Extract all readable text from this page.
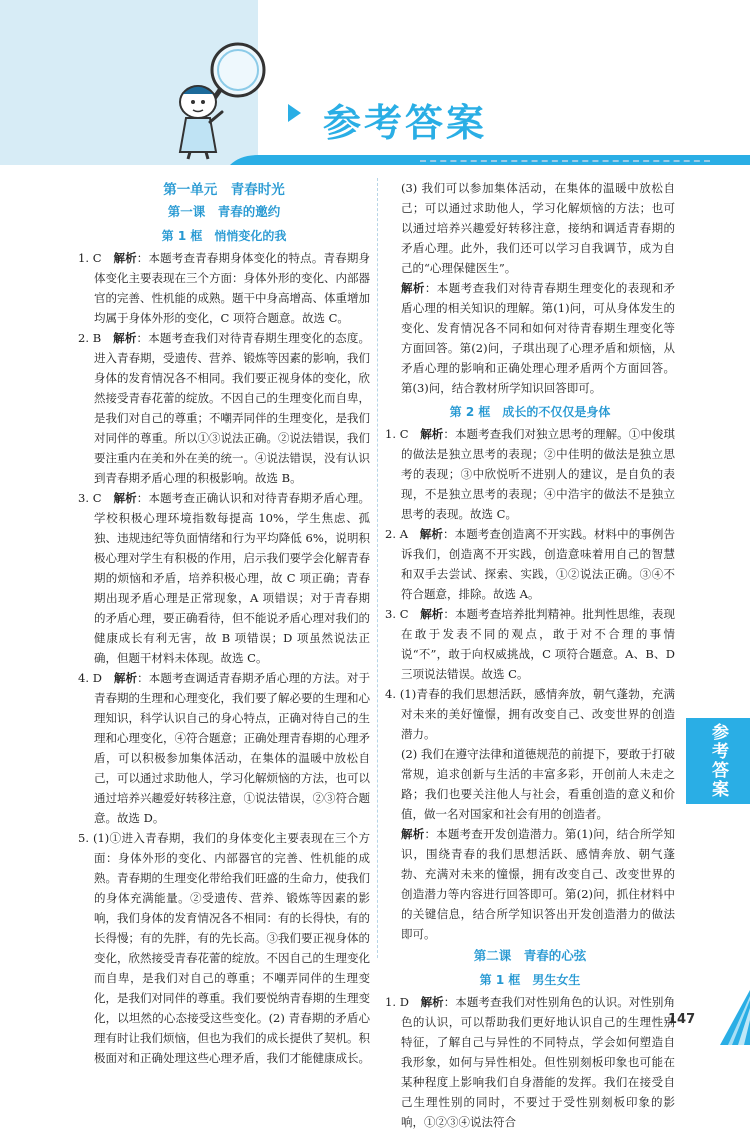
参考答案
第一单元　青春时光
第一课　青春的邀约
第 1 框　悄悄变化的我

1. C　 解析：本题考查青春期身体变化的特点。青春期身体变化主要表现在三个方面：身体外形的变化、内部器官的完善、性机能的成熟。题干中身高增高、体重增加均属于身体外形的变化，C 项符合题意。故选 C。

2. B　 解析：本题考查我们对待青春期生理变化的态度。进入青春期，受遗传、营养、锻炼等因素的影响，我们身体的发育情况各不相同。我们要正视身体的变化，欣然接受青春花蕾的绽放。不因自己的生理变化而自卑，是我们对自己的尊重；不嘲弄同伴的生理变化，是我们对同伴的尊重。所以①③说法正确。②说法错误，我们要注重内在美和外在美的统一。④说法错误，没有认识到青春期矛盾心理的积极影响。故选 B。

3. C　 解析：本题考查正确认识和对待青春期矛盾心理。学校积极心理环境指数每提高 10%，学生焦虑、孤独、违规违纪等负面情绪和行为平均降低 6%，说明积极心理对学生有积极的作用，启示我们要学会化解青春期的烦恼和矛盾，培养积极心理，故 C 项正确；青春期出现矛盾心理是正常现象，A 项错误；对于青春期的矛盾心理，要正确看待，但不能说矛盾心理对我们的健康成长有利无害，故 B 项错误；D 项虽然说法正确，但题干材料未体现。故选 C。

4. D　 解析：本题考查调适青春期矛盾心理的方法。对于青春期的生理和心理变化，我们要了解必要的生理和心理知识，科学认识自己的身心特点，正确对待自己的生理和心理变化，④符合题意；正确处理青春期的心理矛盾，可以积极参加集体活动，在集体的温暖中放松自己，可以通过求助他人，学习化解烦恼的方法，也可以通过培养兴趣爱好转移注意，①说法错误，②③符合题意。故选 D。

5. (1)①进入青春期，我们的身体变化主要表现在三个方面：身体外形的变化、内部器官的完善、性机能的成熟。青春期的生理变化带给我们旺盛的生命力，使我们的身体充满能量。②受遗传、营养、锻炼等因素的影响，我们身体的发育情况各不相同：有的长得快，有的长得慢；有的先胖，有的先长高。③我们要正视身体的变化，欣然接受青春花蕾的绽放。不因自己的生理变化而自卑，是我们对自己的尊重；不嘲弄同伴的生理变化，是我们对同伴的尊重。我们要悦纳青春期的生理变化，以坦然的心态接受这些变化。(2) 青春期的矛盾心理有时让我们烦恼，但也为我们的成长提供了契机。积极面对和正确处理这些心理矛盾，我们才能健康成长。

(3) 我们可以参加集体活动，在集体的温暖中放松自己；可以通过求助他人，学习化解烦恼的方法；也可以通过培养兴趣爱好转移注意，接纳和调适青春期的矛盾心理。此外，我们还可以学习自我调节，成为自己的“心理保健医生”。

解析：本题考查我们对待青春期生理变化的表现和矛盾心理的相关知识的理解。第(1)问，可从身体发生的变化、发育情况各不同和如何对待青春期生理变化等方面回答。第(2)问，子琪出现了心理矛盾和烦恼，从矛盾心理的影响和正确处理心理矛盾两个方面回答。第(3)问，结合教材所学知识回答即可。

第 2 框　成长的不仅仅是身体

1. C　 解析：本题考查我们对独立思考的理解。①中俊琪的做法是独立思考的表现；②中佳明的做法是独立思考的表现；③中欣悦听不进别人的建议，是自负的表现，不是独立思考的表现；④中浩宇的做法不是独立思考的表现。故选 C。

2. A　 解析：本题考查创造离不开实践。材料中的事例告诉我们，创造离不开实践，创造意味着用自己的智慧和双手去尝试、探索、实践，①②说法正确。③④不符合题意，排除。故选 A。

3. C　 解析：本题考查培养批判精神。批判性思维，表现在敢于发表不同的观点，敢于对不合理的事情说“不”，敢于向权威挑战，C 项符合题意。A、B、D 三项说法错误。故选 C。

4. (1)青春的我们思想活跃，感情奔放，朝气蓬勃，充满对未来的美好憧憬，拥有改变自己、改变世界的创造潜力。

(2) 我们在遵守法律和道德规范的前提下，要敢于打破常规，追求创新与生活的丰富多彩，开创前人未走之路；我们也要关注他人与社会，看重创造的意义和价值，做一名对国家和社会有用的创造者。

解析：本题考查开发创造潜力。第(1)问，结合所学知识，围绕青春的我们思想活跃、感情奔放、朝气蓬勃、充满对未来的憧憬，拥有改变自己、改变世界的创造潜力等内容进行回答即可。第(2)问，抓住材料中的关键信息，结合所学知识答出开发创造潜力的做法即可。

第二课　青春的心弦
第 1 框　男生女生

1. D　 解析：本题考查我们对性别角色的认识。对性别角色的认识，可以帮助我们更好地认识自己的生理性别特征，了解自己与异性的不同特点，学会如何塑造自我形象，如何与异性相处。但性别刻板印象也可能在某种程度上影响我们自身潜能的发挥。我们在接受自己生理性别的同时，不要过于受性别刻板印象的影响，①②③④说法符合

参考答案
147
